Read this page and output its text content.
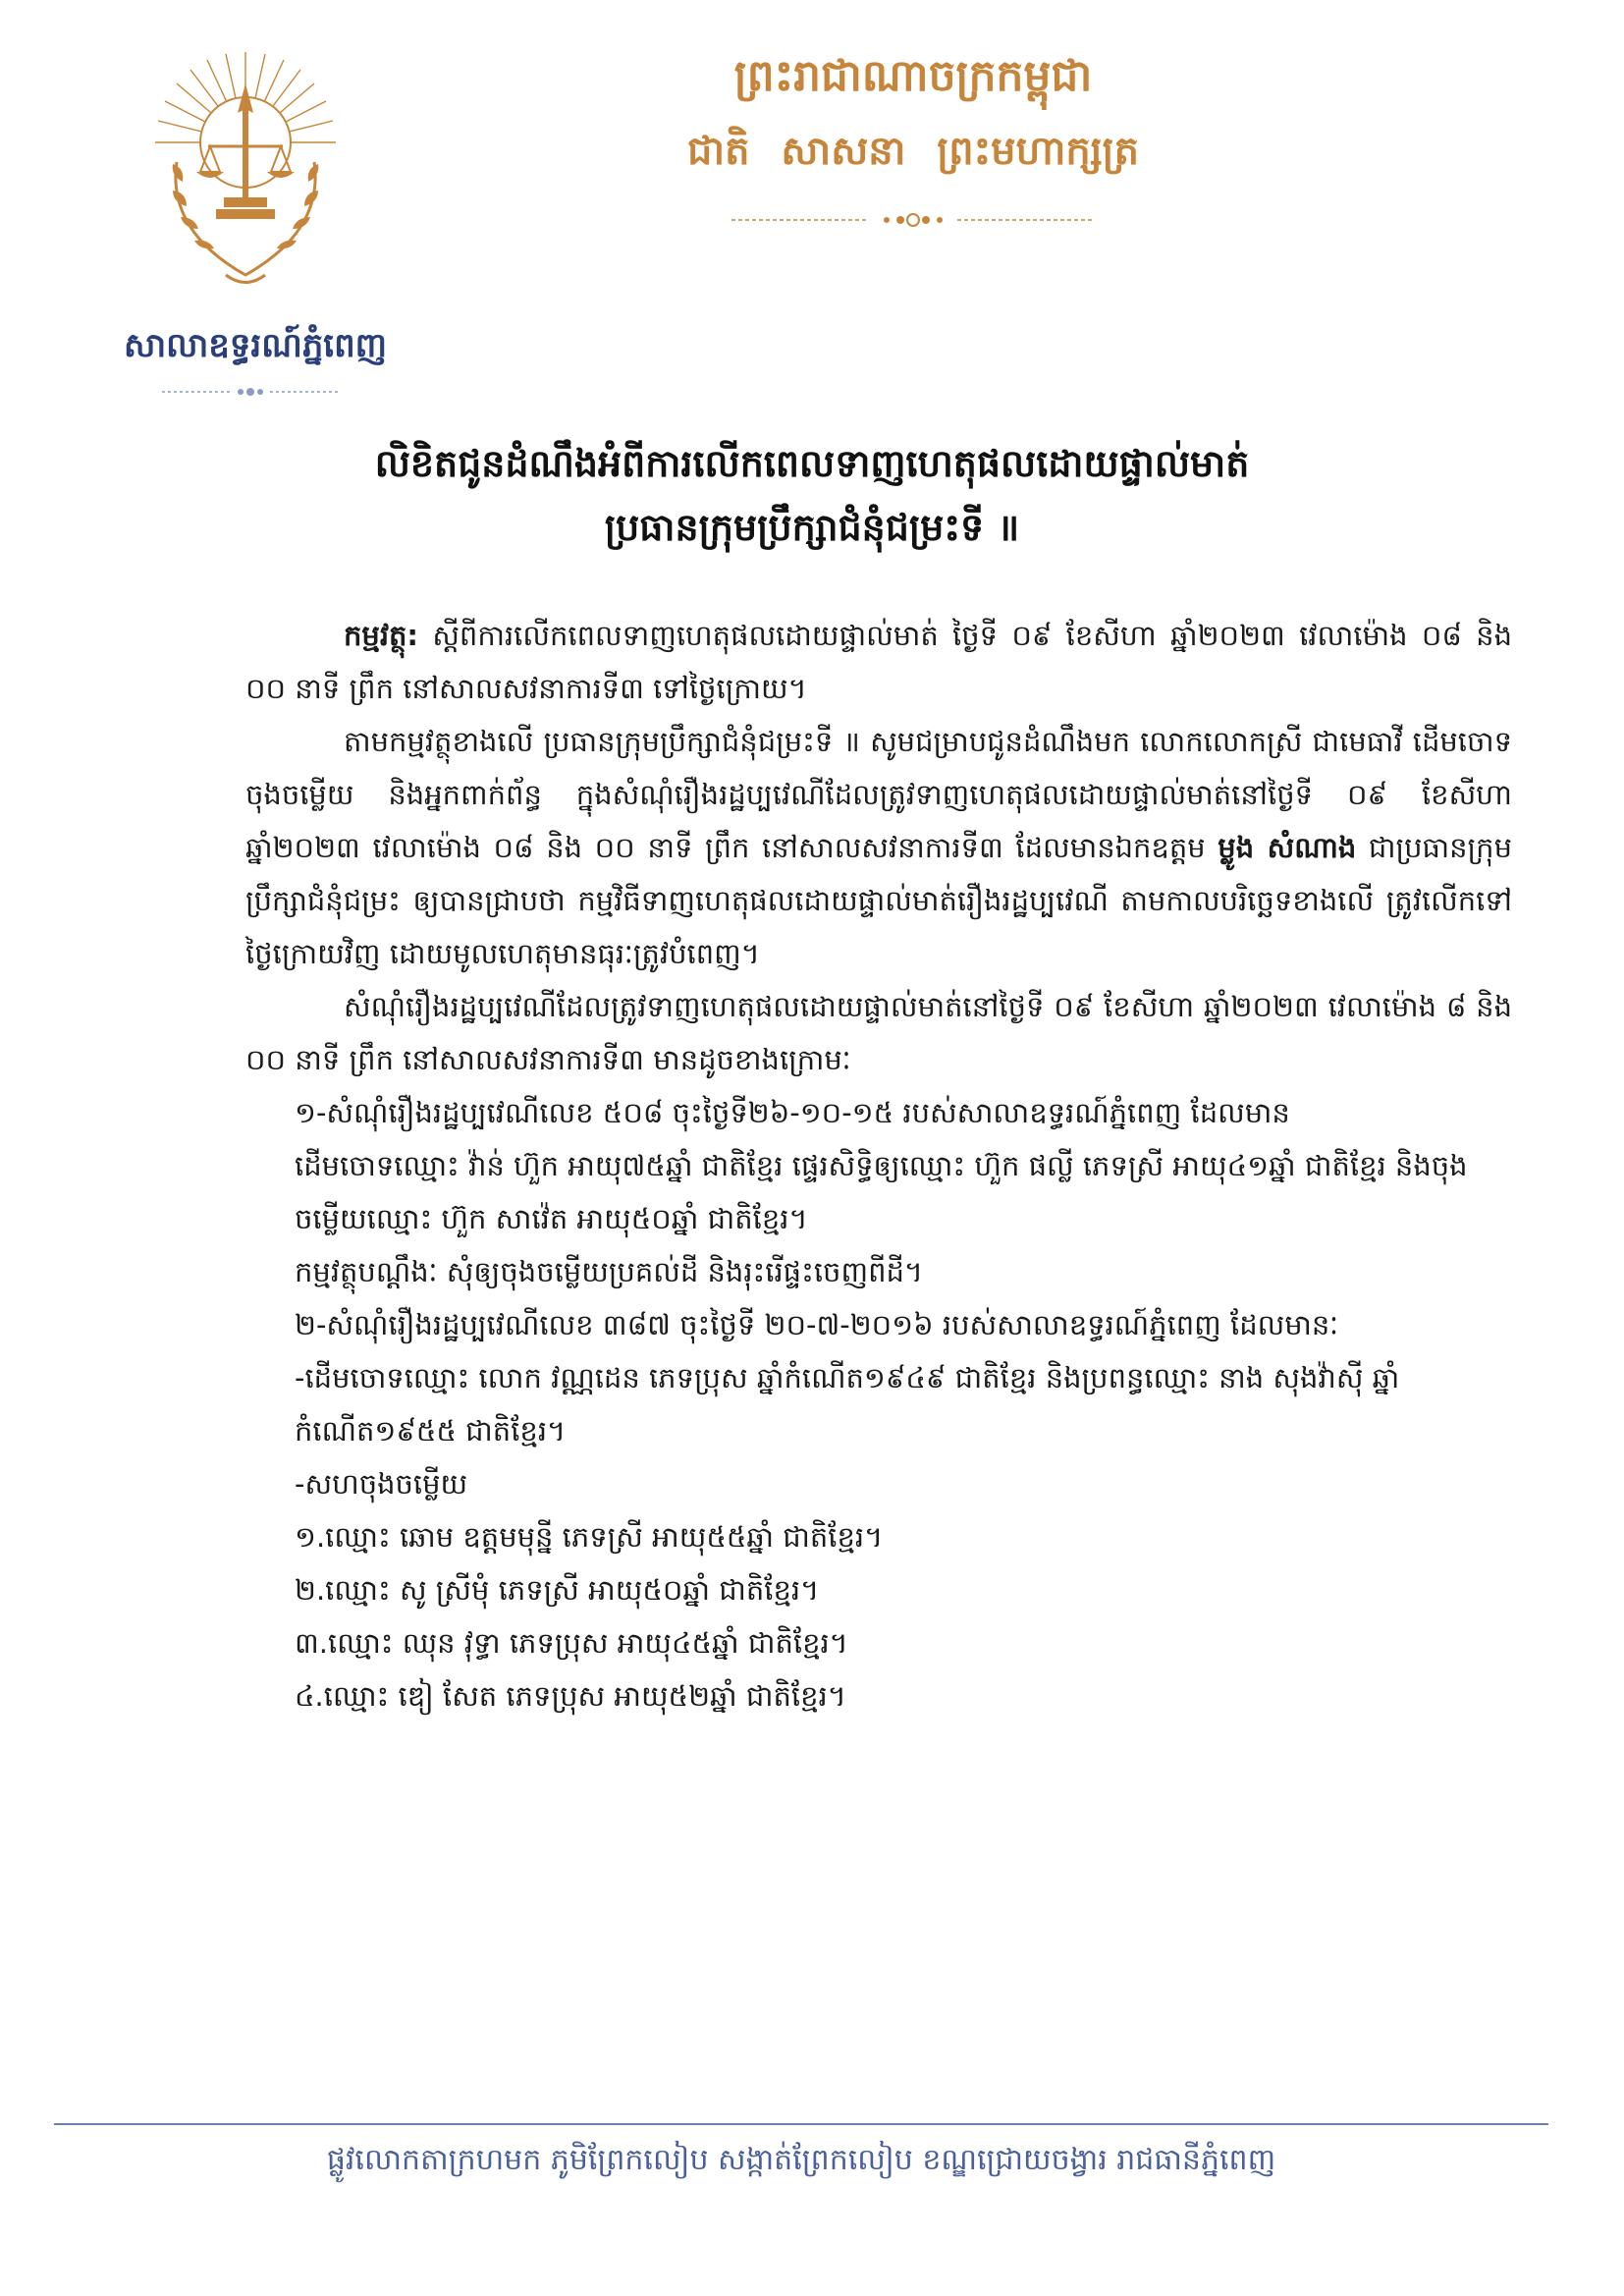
សាលាឧទ្ធរណ៍ភ្នំពេញ
ព្រះរាជាណាចក្រកម្ពុជា
ជាតិ សាសនា ព្រះមហាក្សត្រ
លិខិតជូនដំណឹងអំពីការលើកពេលទាញហេតុផលដោយផ្ទាល់មាត់
ប្រធានក្រុមប្រឹក្សាជំនុំជម្រះទី ॥

កម្មវត្ថុ: ស្តីពីការលើកពេលទាញហេតុផលដោយផ្ទាល់មាត់ ថ្ងៃទី ០៩ ខែសីហា ឆ្នាំ២០២៣ វេលាម៉ោង ០៨ និង ០០ នាទី ព្រឹក នៅសាលសវនាការទី៣ ទៅថ្ងៃក្រោយ។

តាមកម្មវត្ថុខាងលើ ប្រធានក្រុមប្រឹក្សាជំនុំជម្រះទី ॥ សូមជម្រាបជូនដំណឹងមក លោកលោកស្រី ជាមេធាវី ដើមចោទ ចុងចម្លើយ និងអ្នកពាក់ព័ន្ធ ក្នុងសំណុំរឿងរដ្ឋប្បវេណីដែលត្រូវទាញហេតុផលដោយផ្ទាល់មាត់នៅថ្ងៃទី ០៩ ខែសីហា ឆ្នាំ២០២៣ វេលាម៉ោង ០៨ និង ០០ នាទី ព្រឹក នៅសាលសវនាការទី៣ ដែលមានឯកឧត្តម ម្លូង សំណាង ជាប្រធានក្រុមប្រឹក្សាជំនុំជម្រះ ឲ្យបានជ្រាបថា កម្មវិធីទាញហេតុផលដោយផ្ទាល់មាត់រឿងរដ្ឋប្បវេណី តាមកាលបរិច្ឆេទខាងលើ ត្រូវលើកទៅថ្ងៃក្រោយវិញ ដោយមូលហេតុមានធុរៈត្រូវបំពេញ។

សំណុំរឿងរដ្ឋប្បវេណីដែលត្រូវទាញហេតុផលដោយផ្ទាល់មាត់នៅថ្ងៃទី ០៩ ខែសីហា ឆ្នាំ២០២៣ វេលាម៉ោង ៨ និង ០០ នាទី ព្រឹក នៅសាលសវនាការទី៣ មានដូចខាងក្រោមៈ

១-សំណុំរឿងរដ្ឋប្បវេណីលេខ ៥០៨ ចុះថ្ងៃទី២៦-១០-១៥ របស់សាលាឧទ្ធរណ៍ភ្នំពេញ ដែលមាន

ដើមចោទឈ្មោះ វ៉ាន់ ហ៊ួក អាយុ៧៥ឆ្នាំ ជាតិខ្មែរ ផ្ទេរសិទ្ធិឲ្យឈ្មោះ ហ៊ួក ផល្លី ភេទស្រី អាយុ៤១ឆ្នាំ ជាតិខ្មែរ និងចុងចម្លើយឈ្មោះ ហ៊ួក សាវ៉េត អាយុ៥០ឆ្នាំ ជាតិខ្មែរ។

កម្មវត្ថុបណ្តឹងៈ សុំឲ្យចុងចម្លើយប្រគល់ដី និងរុះរើផ្ទះចេញពីដី។

២-សំណុំរឿងរដ្ឋប្បវេណីលេខ ៣៨៧ ចុះថ្ងៃទី ២០-៧-២០១៦ របស់សាលាឧទ្ធរណ៍ភ្នំពេញ ដែលមានៈ

-ដើមចោទឈ្មោះ លោក វណ្ណដេន ភេទប្រុស ឆ្នាំកំណើត១៩៤៩ ជាតិខ្មែរ និងប្រពន្ធឈ្មោះ នាង សុងវ៉ាស៊ី ឆ្នាំកំណើត១៩៥៥ ជាតិខ្មែរ។

-សហចុងចម្លើយ

១.ឈ្មោះ ឆោម ឧត្តមមុន្នី ភេទស្រី អាយុ៥៥ឆ្នាំ ជាតិខ្មែរ។

២.ឈ្មោះ សូ ស្រីមុំ ភេទស្រី អាយុ៥០ឆ្នាំ ជាតិខ្មែរ។

៣.ឈ្មោះ ឈុន វុទ្ធា ភេទប្រុស អាយុ៤៥ឆ្នាំ ជាតិខ្មែរ។

៤.ឈ្មោះ ឌៀ សែត ភេទប្រុស អាយុ៥២ឆ្នាំ ជាតិខ្មែរ។

ផ្លូវលោកតាក្រហមក ភូមិព្រែកលៀប សង្កាត់ព្រែកលៀប ខណ្ឌជ្រោយចង្វារ រាជធានីភ្នំពេញ
